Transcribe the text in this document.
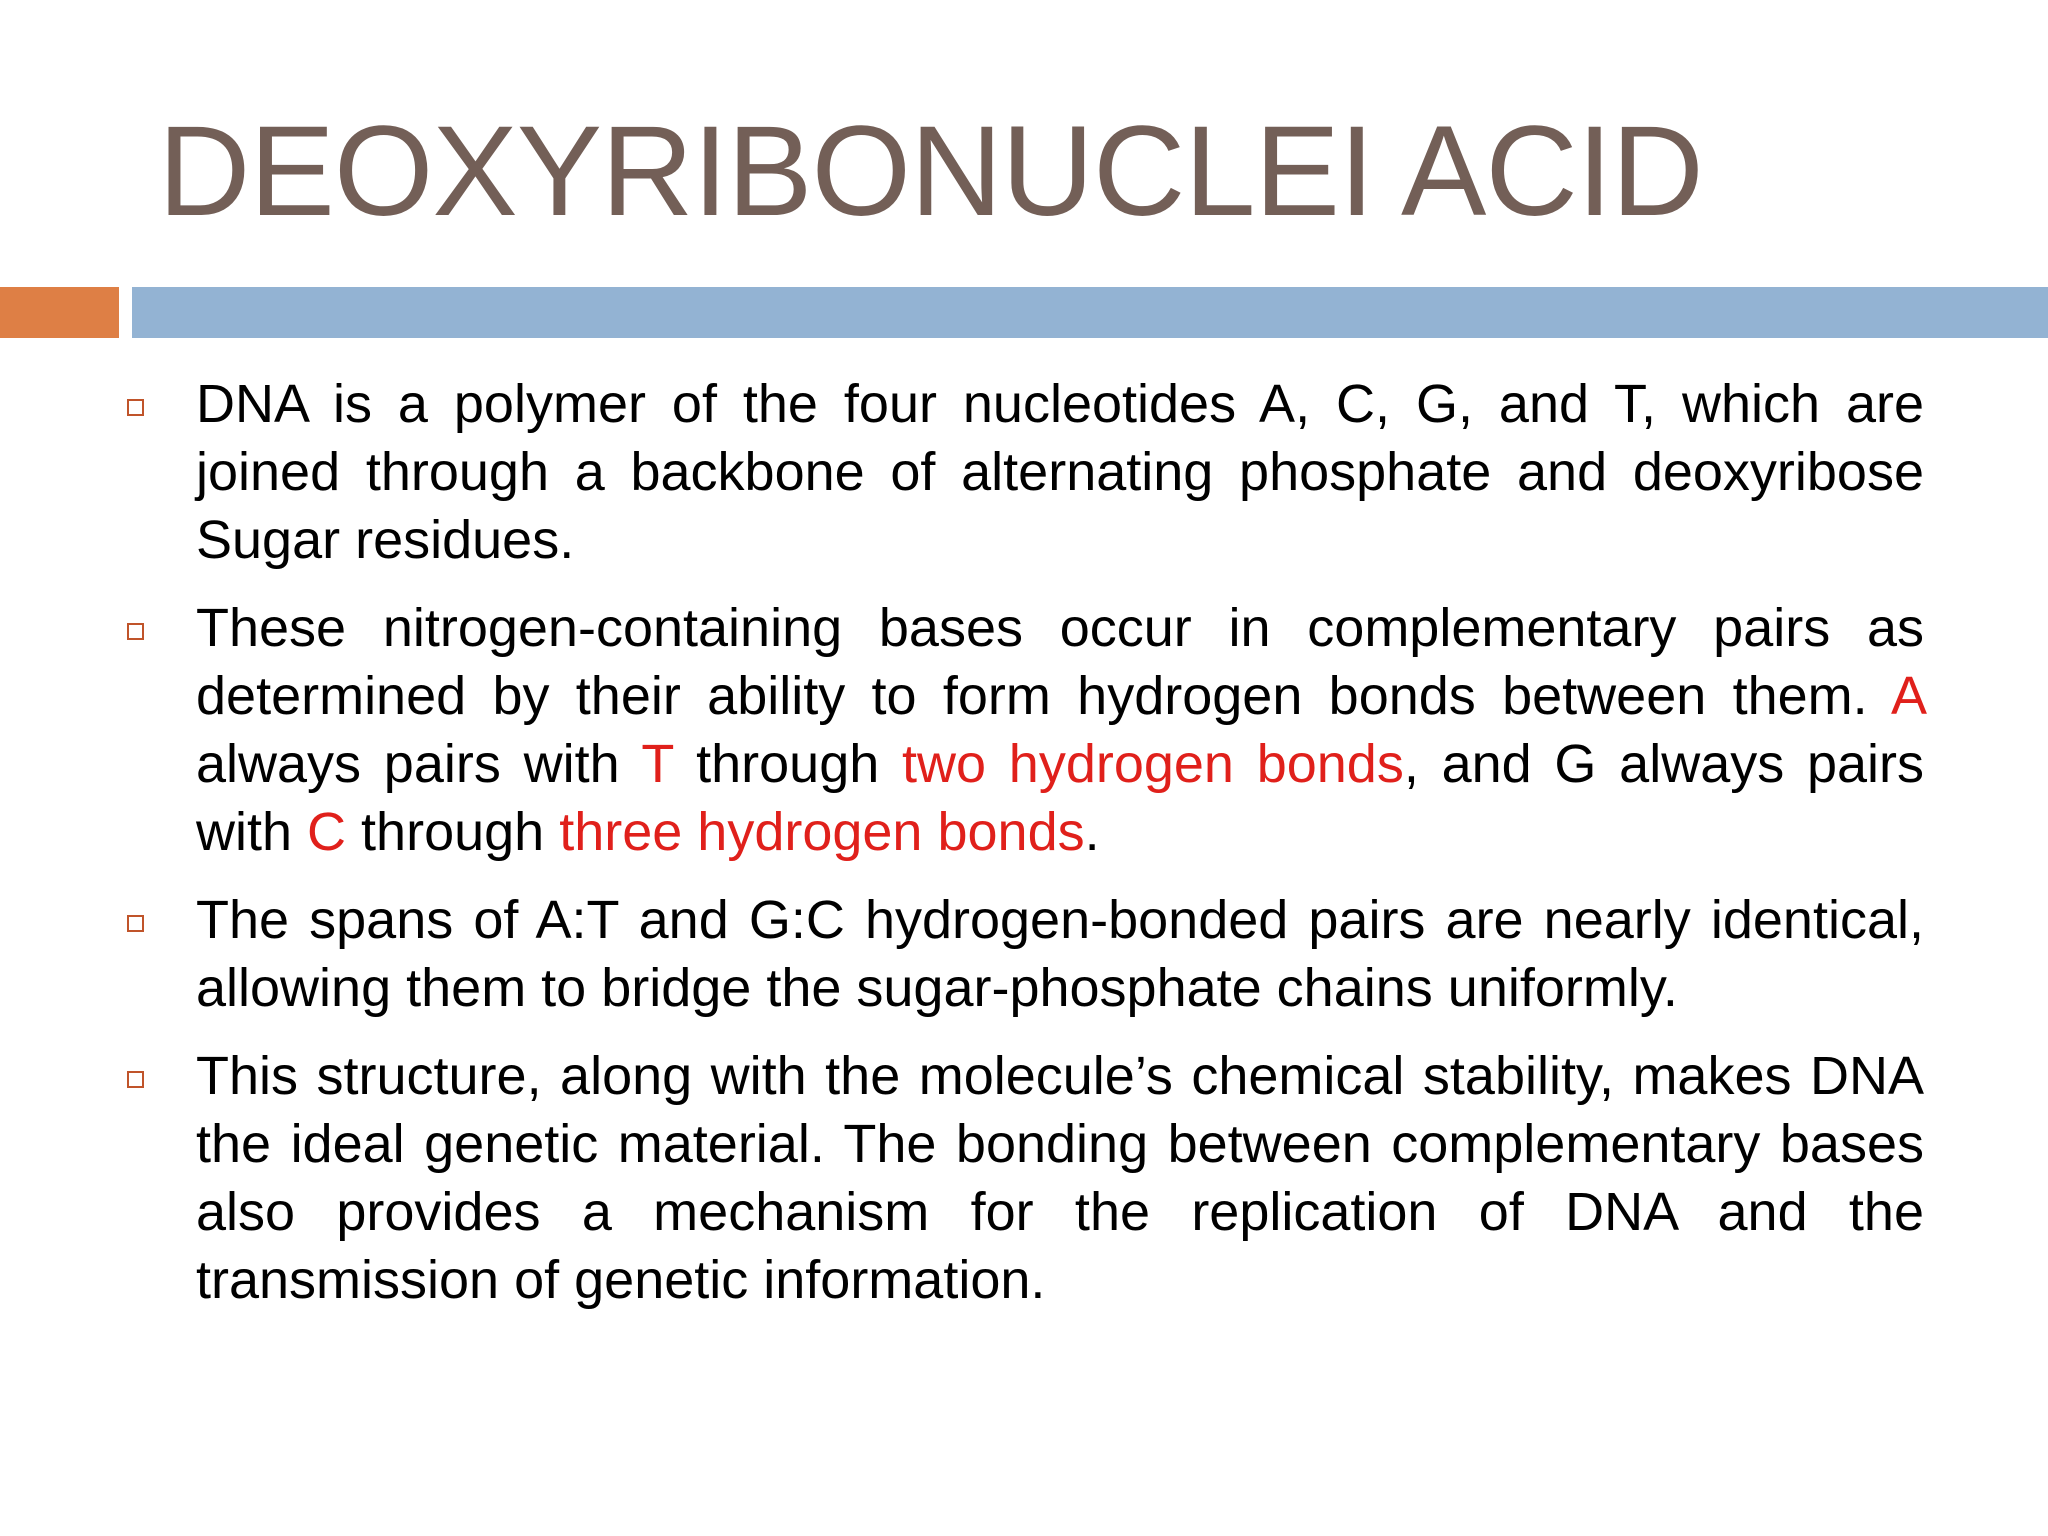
DEOXYRIBONUCLEI ACID

DNA is a polymer of the four nucleotides A, C, G, and T, which are joined through a backbone of alternating phosphate and deoxyribose Sugar residues.

These nitrogen-containing bases occur in complementary pairs as determined by their ability to form hydrogen bonds between them. A always pairs with T through two hydrogen bonds, and G always pairs with C through three hydrogen bonds.

The spans of A:T and G:C hydrogen-bonded pairs are nearly identical, allowing them to bridge the sugar-phosphate chains uniformly.

This structure, along with the molecule’s chemical stability, makes DNA the ideal genetic material. The bonding between complementary bases also provides a mechanism for the replication of DNA and the transmission of genetic information.
